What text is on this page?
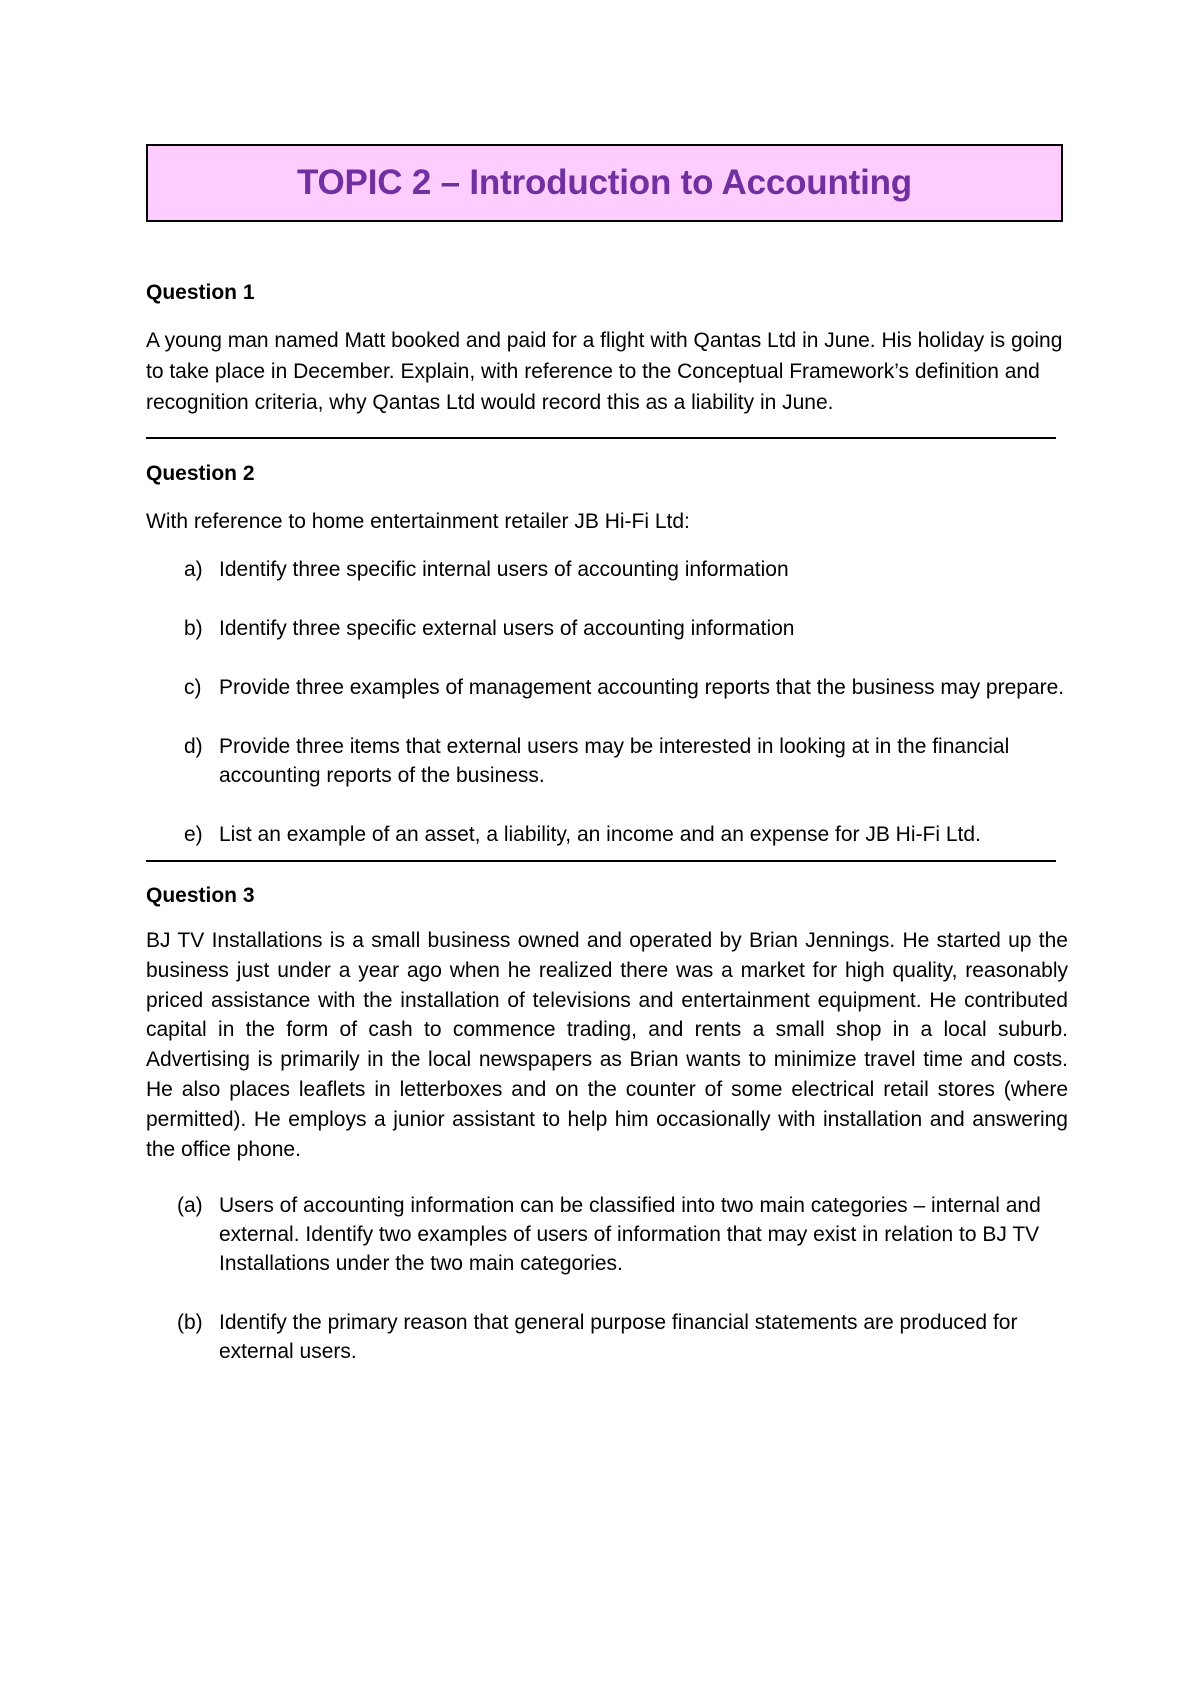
TOPIC 2 – Introduction to Accounting

Question 1

A young man named Matt booked and paid for a flight with Qantas Ltd in June. His holiday is going to take place in December. Explain, with reference to the Conceptual Framework’s definition and recognition criteria, why Qantas Ltd would record this as a liability in June.

Question 2

With reference to home entertainment retailer JB Hi-Fi Ltd:

a) Identify three specific internal users of accounting information
b) Identify three specific external users of accounting information
c) Provide three examples of management accounting reports that the business may prepare.
d) Provide three items that external users may be interested in looking at in the financial accounting reports of the business.
e) List an example of an asset, a liability, an income and an expense for JB Hi-Fi Ltd.

Question 3

BJ TV Installations is a small business owned and operated by Brian Jennings. He started up the business just under a year ago when he realized there was a market for high quality, reasonably priced assistance with the installation of televisions and entertainment equipment. He contributed capital in the form of cash to commence trading, and rents a small shop in a local suburb. Advertising is primarily in the local newspapers as Brian wants to minimize travel time and costs. He also places leaflets in letterboxes and on the counter of some electrical retail stores (where permitted). He employs a junior assistant to help him occasionally with installation and answering the office phone.

(a) Users of accounting information can be classified into two main categories – internal and external. Identify two examples of users of information that may exist in relation to BJ TV Installations under the two main categories.
(b) Identify the primary reason that general purpose financial statements are produced for external users.
